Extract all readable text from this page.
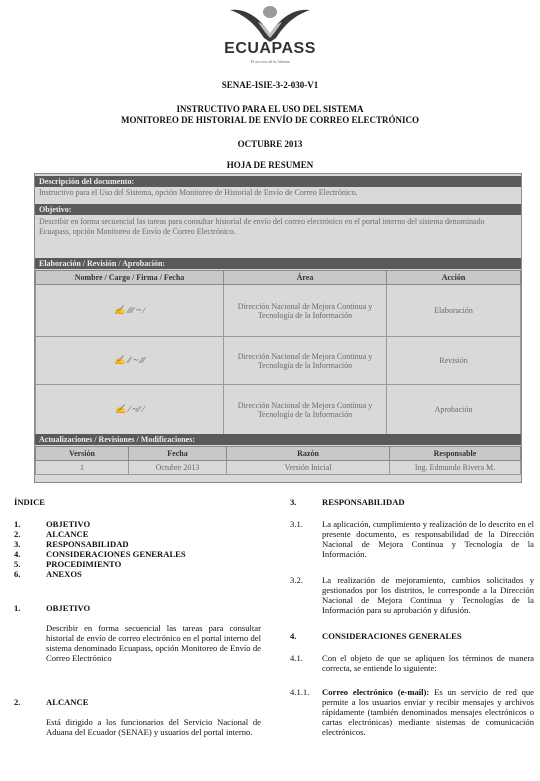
ECUAPASS
El servicio de la Aduana
SENAE-ISIE-3-2-030-V1
INSTRUCTIVO PARA EL USO DEL SISTEMA
MONITOREO DE HISTORIAL DE ENVÍO DE CORREO ELECTRÓNICO
OCTUBRE 2013
HOJA DE RESUMEN
Descripción del documento:
Instructivo para el Uso del Sistema, opción Monitoreo de Historial de Envío de Correo Electrónico.
Objetivo:
Describir en forma secuencial las tareas para consultar historial de envío del correo electrónico en el portal interno del sistema denominado Ecuapass, opción Monitoreo de Envío de Correo Electrónico.
Elaboración / Revisión / Aprobación:
Nombre / Cargo / Firma / Fecha	Área	Acción
✍ ∕∕∕∕ ~ ∕	Dirección Nacional de Mejora Continua y Tecnología de la Información	Elaboración
✍ ∕∕ ~ ∕∕∕	Dirección Nacional de Mejora Continua y Tecnología de la Información	Revisión
✍ ∕ ~∕∕ ∕	Dirección Nacional de Mejora Continua y Tecnología de la Información	Aprobación
Actualizaciones / Revisiones / Modificaciones:
Versión	Fecha	Razón	Responsable
1	Octubre 2013	Versión Inicial	Ing. Edmundo Rivera M.
ÍNDICE
1.	OBJETIVO
2.	ALCANCE
3.	RESPONSABILIDAD
4.	CONSIDERACIONES GENERALES
5.	PROCEDIMIENTO
6.	ANEXOS
1.	OBJETIVO
Describir en forma secuencial las tareas para consultar historial de envío de correo electrónico en el portal interno del sistema denominado Ecuapass, opción Monitoreo de Envío de Correo Electrónico
2.	ALCANCE
Está dirigido a los funcionarios del Servicio Nacional de Aduana del Ecuador (SENAE) y usuarios del portal interno.
3.	RESPONSABILIDAD
3.1. La aplicación, cumplimiento y realización de lo descrito en el presente documento, es responsabilidad de la Dirección Nacional de Mejora Continua y Tecnología de la Información.
3.2. La realización de mejoramiento, cambios solicitados y gestionados por los distritos, le corresponde a la Dirección Nacional de Mejora Continua y Tecnologías de la Información para su aprobación y difusión.
4.	CONSIDERACIONES GENERALES
4.1. Con el objeto de que se apliquen los términos de manera correcta, se entiende lo siguiente:
4.1.1. Correo electrónico (e-mail): Es un servicio de red que permite a los usuarios enviar y recibir mensajes y archivos rápidamente (también denominados mensajes electrónicos o cartas electrónicas) mediante sistemas de comunicación electrónicos.
